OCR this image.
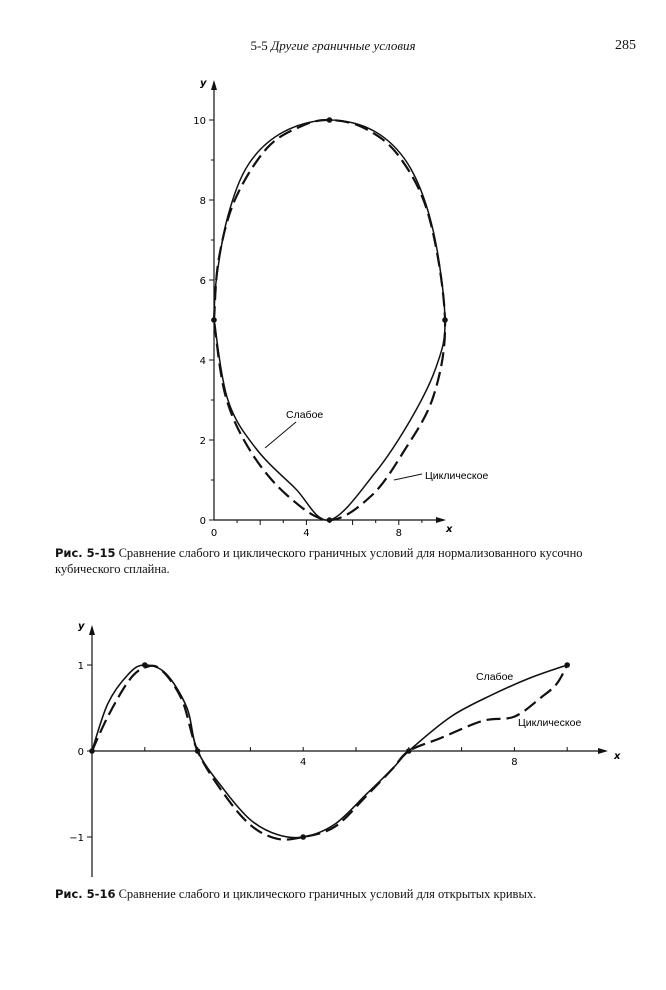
5-5 Другие граничные условия	285
0
2
4
6
8
10
0	4	8
y
x
Слабое
Циклическое
Рис. 5-15 Сравнение слабого и циклического граничных условий для нормализованного кусочно кубического сплайна.
1
0
−1
4	8
y
x
Слабое
Циклическое
Рис. 5-16 Сравнение слабого и циклического граничных условий для открытых кривых.
